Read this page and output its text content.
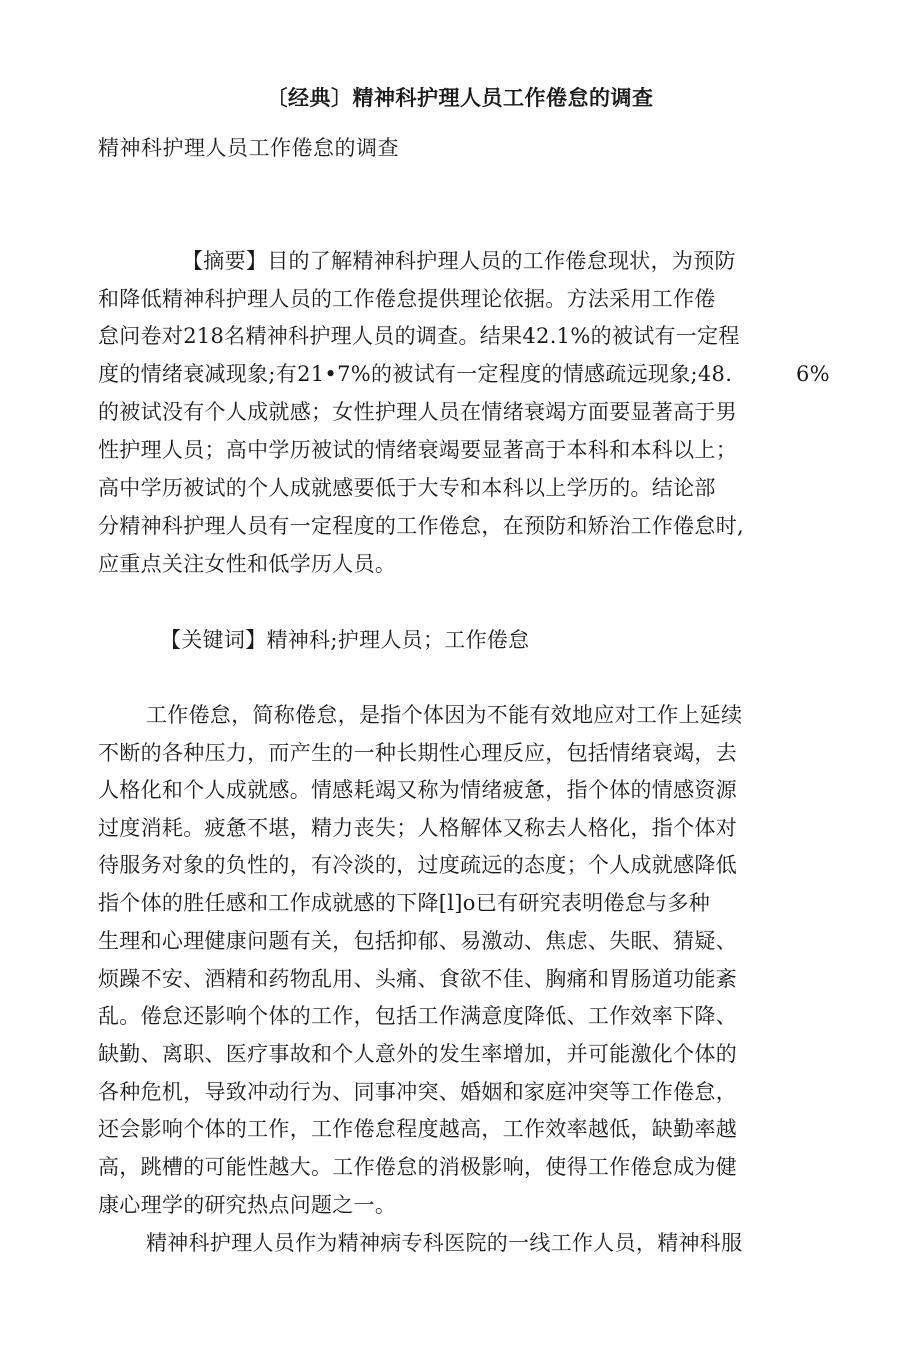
〔经典〕精神科护理人员工作倦怠的调查
精神科护理人员工作倦怠的调查
【摘要】目的了解精神科护理人员的工作倦怠现状，为预防
和降低精神科护理人员的工作倦怠提供理论依据。方法采用工作倦
怠问卷对218名精神科护理人员的调查。结果42.1%的被试有一定程
度的情绪衰减现象;有21•7%的被试有一定程度的情感疏远现象;48.	6%
的被试没有个人成就感；女性护理人员在情绪衰竭方面要显著高于男
性护理人员；高中学历被试的情绪衰竭要显著高于本科和本科以上；
高中学历被试的个人成就感要低于大专和本科以上学历的。结论部
分精神科护理人员有一定程度的工作倦怠，在预防和矫治工作倦怠时,
应重点关注女性和低学历人员。
【关键词】精神科;护理人员；工作倦怠
工作倦怠，简称倦怠，是指个体因为不能有效地应对工作上延续
不断的各种压力，而产生的一种长期性心理反应，包括情绪衰竭，去
人格化和个人成就感。情感耗竭又称为情绪疲惫，指个体的情感资源
过度消耗。疲惫不堪，精力丧失；人格解体又称去人格化，指个体对
待服务对象的负性的，有冷淡的，过度疏远的态度；个人成就感降低
指个体的胜任感和工作成就感的下降[l]o已有研究表明倦怠与多种
生理和心理健康问题有关，包括抑郁、易激动、焦虑、失眠、猜疑、
烦躁不安、酒精和药物乱用、头痛、食欲不佳、胸痛和胃肠道功能紊
乱。倦怠还影响个体的工作，包括工作满意度降低、工作效率下降、
缺勤、离职、医疗事故和个人意外的发生率增加，并可能激化个体的
各种危机，导致冲动行为、同事冲突、婚姻和家庭冲突等工作倦怠，
还会影响个体的工作，工作倦怠程度越高，工作效率越低，缺勤率越
高，跳槽的可能性越大。工作倦怠的消极影响，使得工作倦怠成为健
康心理学的研究热点问题之一。
精神科护理人员作为精神病专科医院的一线工作人员，精神科服
